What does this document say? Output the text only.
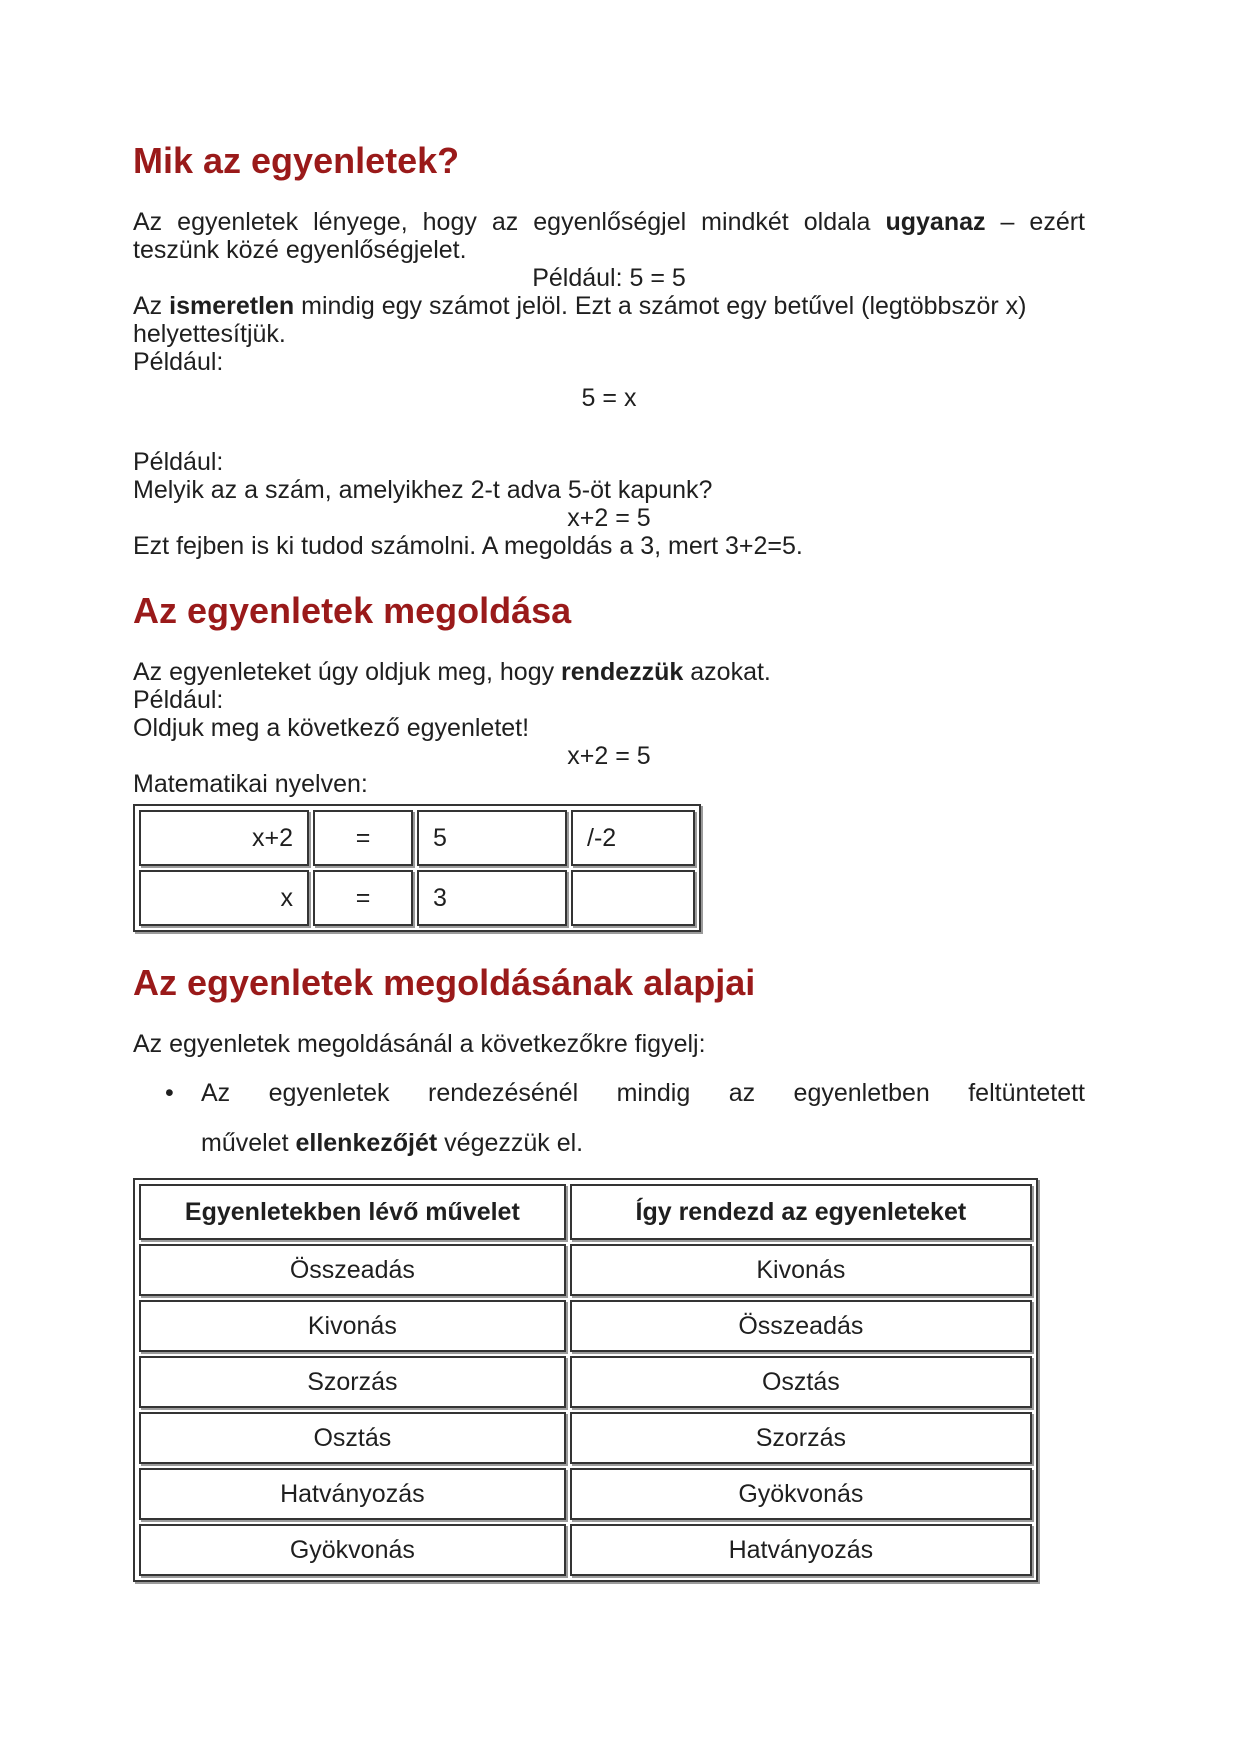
Mik az egyenletek?

Az egyenletek lényege, hogy az egyenlőségjel mindkét oldala ugyanaz – ezért
teszünk közé egyenlőségjelet.

Például: 5 = 5

Az ismeretlen mindig egy számot jelöl. Ezt a számot egy betűvel (legtöbbször x)
helyettesítjük.

Például:

5 = x

Például:

Melyik az a szám, amelyikhez 2-t adva 5-öt kapunk?

x+2 = 5

Ezt fejben is ki tudod számolni. A megoldás a 3, mert 3+2=5.

Az egyenletek megoldása

Az egyenleteket úgy oldjuk meg, hogy rendezzük azokat.

Például:

Oldjuk meg a következő egyenletet!

x+2 = 5

Matematikai nyelven:

x+2	=	5	/-2
x	=	3	
Az egyenletek megoldásának alapjai

Az egyenletek megoldásánál a következőkre figyelj:

•	Az egyenletek rendezésénél mindig az egyenletben feltüntetett
művelet ellenkezőjét végezzük el.
Egyenletekben lévő művelet	Így rendezd az egyenleteket
Összeadás	Kivonás
Kivonás	Összeadás
Szorzás	Osztás
Osztás	Szorzás
Hatványozás	Gyökvonás
Gyökvonás	Hatványozás
